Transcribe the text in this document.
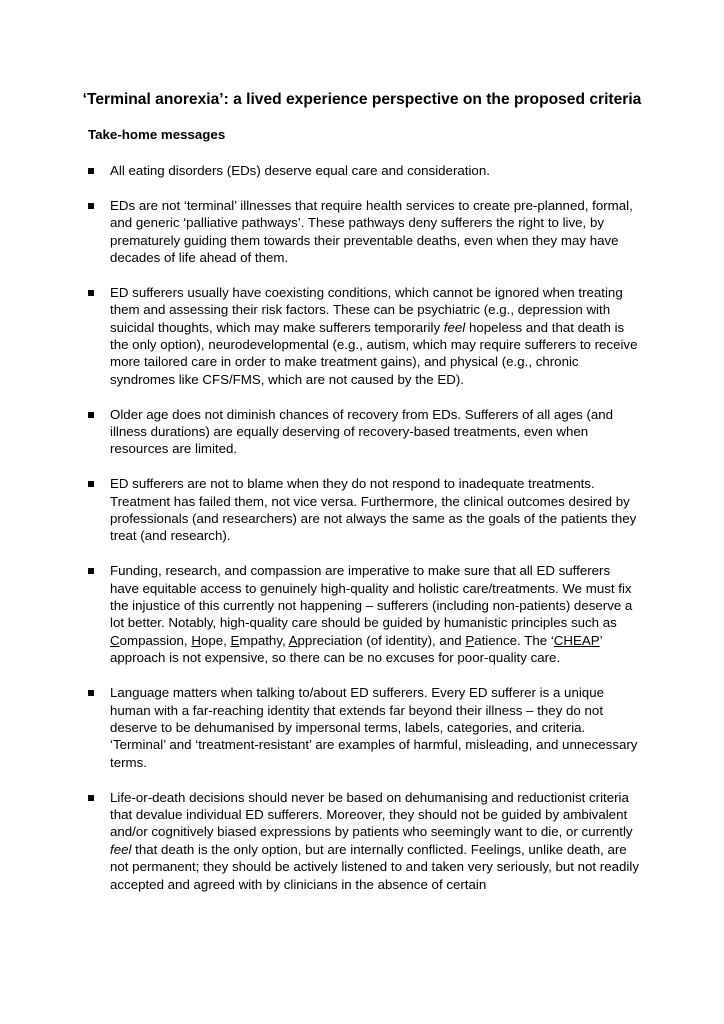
‘Terminal anorexia’: a lived experience perspective on the proposed criteria
Take-home messages
All eating disorders (EDs) deserve equal care and consideration.
EDs are not ‘terminal’ illnesses that require health services to create pre-planned, formal, and generic ‘palliative pathways’. These pathways deny sufferers the right to live, by prematurely guiding them towards their preventable deaths, even when they may have decades of life ahead of them.
ED sufferers usually have coexisting conditions, which cannot be ignored when treating them and assessing their risk factors. These can be psychiatric (e.g., depression with suicidal thoughts, which may make sufferers temporarily feel hopeless and that death is the only option), neurodevelopmental (e.g., autism, which may require sufferers to receive more tailored care in order to make treatment gains), and physical (e.g., chronic syndromes like CFS/FMS, which are not caused by the ED).
Older age does not diminish chances of recovery from EDs. Sufferers of all ages (and illness durations) are equally deserving of recovery-based treatments, even when resources are limited.
ED sufferers are not to blame when they do not respond to inadequate treatments. Treatment has failed them, not vice versa. Furthermore, the clinical outcomes desired by professionals (and researchers) are not always the same as the goals of the patients they treat (and research).
Funding, research, and compassion are imperative to make sure that all ED sufferers have equitable access to genuinely high-quality and holistic care/treatments. We must fix the injustice of this currently not happening – sufferers (including non-patients) deserve a lot better. Notably, high-quality care should be guided by humanistic principles such as Compassion, Hope, Empathy, Appreciation (of identity), and Patience. The ‘CHEAP’ approach is not expensive, so there can be no excuses for poor-quality care.
Language matters when talking to/about ED sufferers. Every ED sufferer is a unique human with a far-reaching identity that extends far beyond their illness – they do not deserve to be dehumanised by impersonal terms, labels, categories, and criteria. ‘Terminal’ and ‘treatment-resistant’ are examples of harmful, misleading, and unnecessary terms.
Life-or-death decisions should never be based on dehumanising and reductionist criteria that devalue individual ED sufferers. Moreover, they should not be guided by ambivalent and/or cognitively biased expressions by patients who seemingly want to die, or currently feel that death is the only option, but are internally conflicted. Feelings, unlike death, are not permanent; they should be actively listened to and taken very seriously, but not readily accepted and agreed with by clinicians in the absence of certain
